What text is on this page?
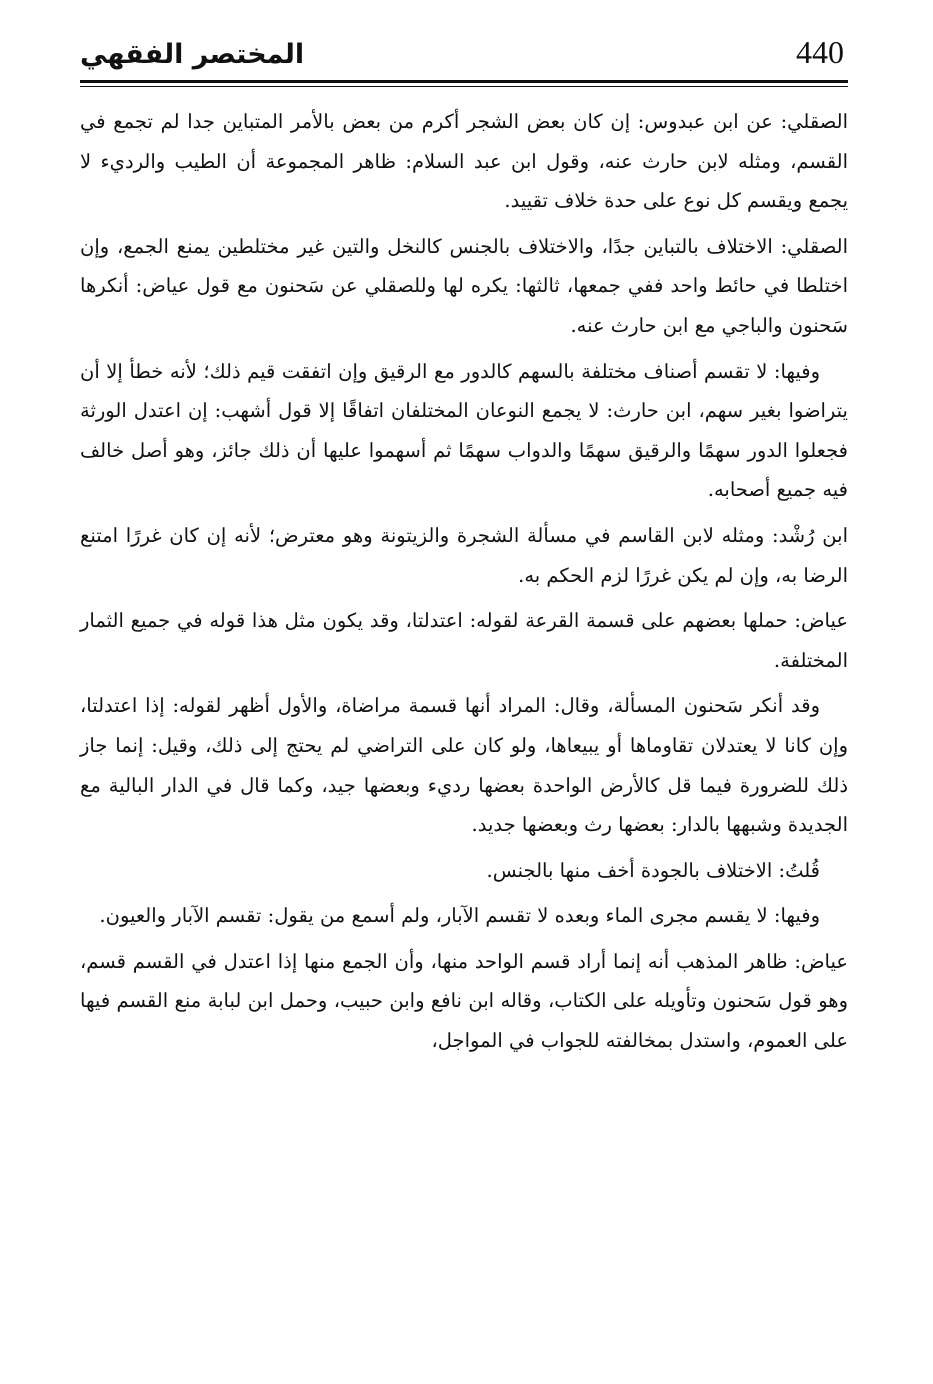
440
المختصر الفقهي

الصقلي: عن ابن عبدوس: إن كان بعض الشجر أكرم من بعض بالأمر المتباين جدا لم تجمع في القسم، ومثله لابن حارث عنه، وقول ابن عبد السلام: ظاهر المجموعة أن الطيب والرديء لا يجمع ويقسم كل نوع على حدة خلاف تقييد.

الصقلي: الاختلاف بالتباين جدًا، والاختلاف بالجنس كالنخل والتين غير مختلطين يمنع الجمع، وإن اختلطا في حائط واحد ففي جمعها، ثالثها: يكره لها وللصقلي عن سَحنون مع قول عياض: أنكرها سَحنون والباجي مع ابن حارث عنه.

وفيها: لا تقسم أصناف مختلفة بالسهم كالدور مع الرقيق وإن اتفقت قيم ذلك؛ لأنه خطأ إلا أن يتراضوا بغير سهم، ابن حارث: لا يجمع النوعان المختلفان اتفاقًا إلا قول أشهب: إن اعتدل الورثة فجعلوا الدور سهمًا والرقيق سهمًا والدواب سهمًا ثم أسهموا عليها أن ذلك جائز، وهو أصل خالف فيه جميع أصحابه.

ابن رُشْد: ومثله لابن القاسم في مسألة الشجرة والزيتونة وهو معترض؛ لأنه إن كان غررًا امتنع الرضا به، وإن لم يكن غررًا لزم الحكم به.

عياض: حملها بعضهم على قسمة القرعة لقوله: اعتدلتا، وقد يكون مثل هذا قوله في جميع الثمار المختلفة.

وقد أنكر سَحنون المسألة، وقال: المراد أنها قسمة مراضاة، والأول أظهر لقوله: إذا اعتدلتا، وإن كانا لا يعتدلان تقاوماها أو يبيعاها، ولو كان على التراضي لم يحتج إلى ذلك، وقيل: إنما جاز ذلك للضرورة فيما قل كالأرض الواحدة بعضها رديء وبعضها جيد، وكما قال في الدار البالية مع الجديدة وشبهها بالدار: بعضها رث وبعضها جديد.

قُلتُ: الاختلاف بالجودة أخف منها بالجنس.

وفيها: لا يقسم مجرى الماء وبعده لا تقسم الآبار، ولم أسمع من يقول: تقسم الآبار والعيون.

عياض: ظاهر المذهب أنه إنما أراد قسم الواحد منها، وأن الجمع منها إذا اعتدل في القسم قسم، وهو قول سَحنون وتأويله على الكتاب، وقاله ابن نافع وابن حبيب، وحمل ابن لبابة منع القسم فيها على العموم، واستدل بمخالفته للجواب في المواجل،
